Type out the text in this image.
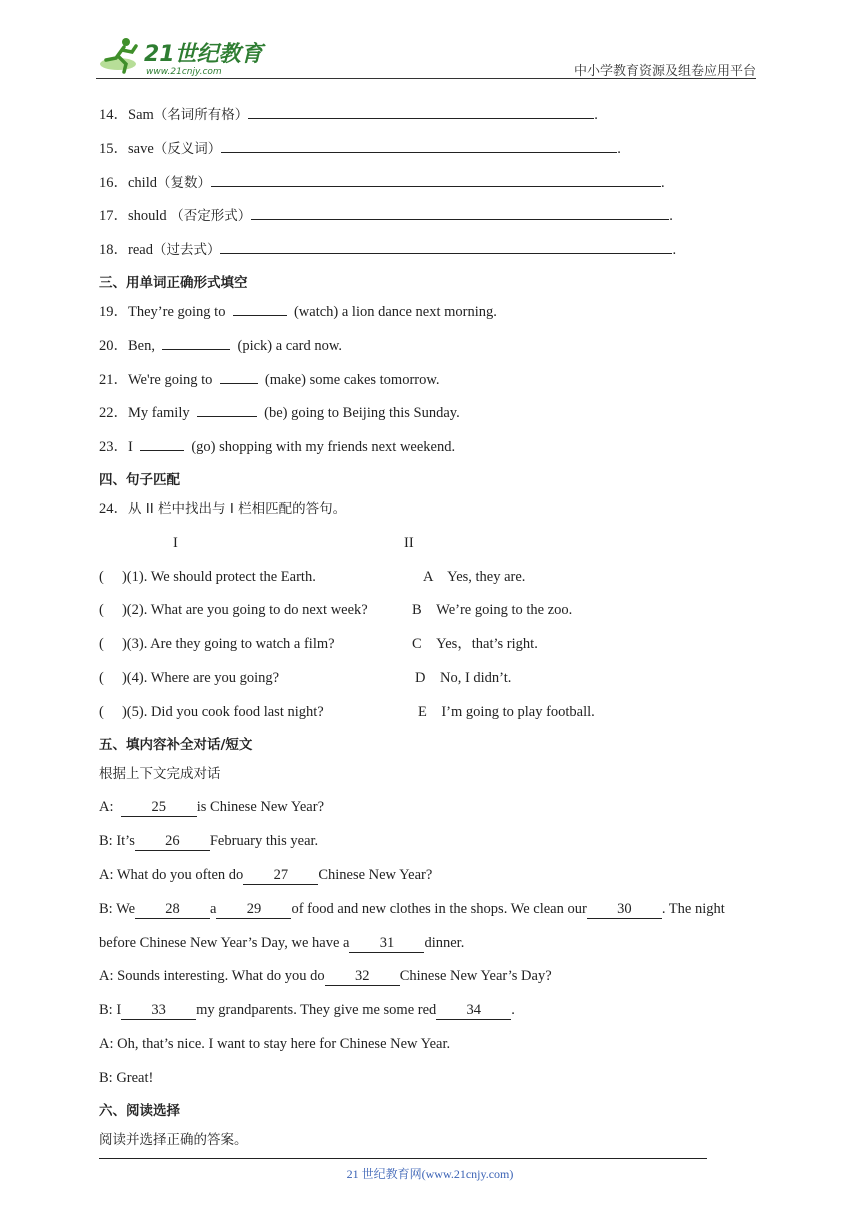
21世纪教育
www.21cnjy.com	中小学教育资源及组卷应用平台
14．Sam（名词所有格）	.
15．save（反义词）	.
16．child（复数）	.
17．should （否定形式）	.
18．read（过去式）	.
三、用单词正确形式填空
19．They’re going to	(watch) a lion dance next morning.
20．Ben,	(pick) a card now.
21．We're going to	(make) some cakes tomorrow.
22．My family	(be) going to Beijing this Sunday.
23．I	(go) shopping with my friends next weekend.
四、句子匹配
24．从 II 栏中找出与 I 栏相匹配的答句。
I	II
(　 )(1). We should protect the Earth.	A　Yes, they are.
(　 )(2). What are you going to do next week?	B　We’re going to the zoo.
(　 )(3). Are they going to watch a film?	C　Yes，that’s right.
(　 )(4). Where are you going?	D　No, I didn’t.
(　 )(5). Did you cook food last night?	E　I’m going to play football.
五、填内容补全对话/短文
根据上下文完成对话
A:	25 is Chinese New Year?
B: It’s 26 February this year.
A: What do you often do 27 Chinese New Year?
B: We 28 a 29 of food and new clothes in the shops. We clean our 30 . The night
before Chinese New Year’s Day, we have a 31 dinner.
A: Sounds interesting. What do you do 32 Chinese New Year’s Day?
B: I 33 my grandparents. They give me some red 34 .
A: Oh, that’s nice. I want to stay here for Chinese New Year.
B: Great!
六、阅读选择
阅读并选择正确的答案。
21 世纪教育网(www.21cnjy.com)
